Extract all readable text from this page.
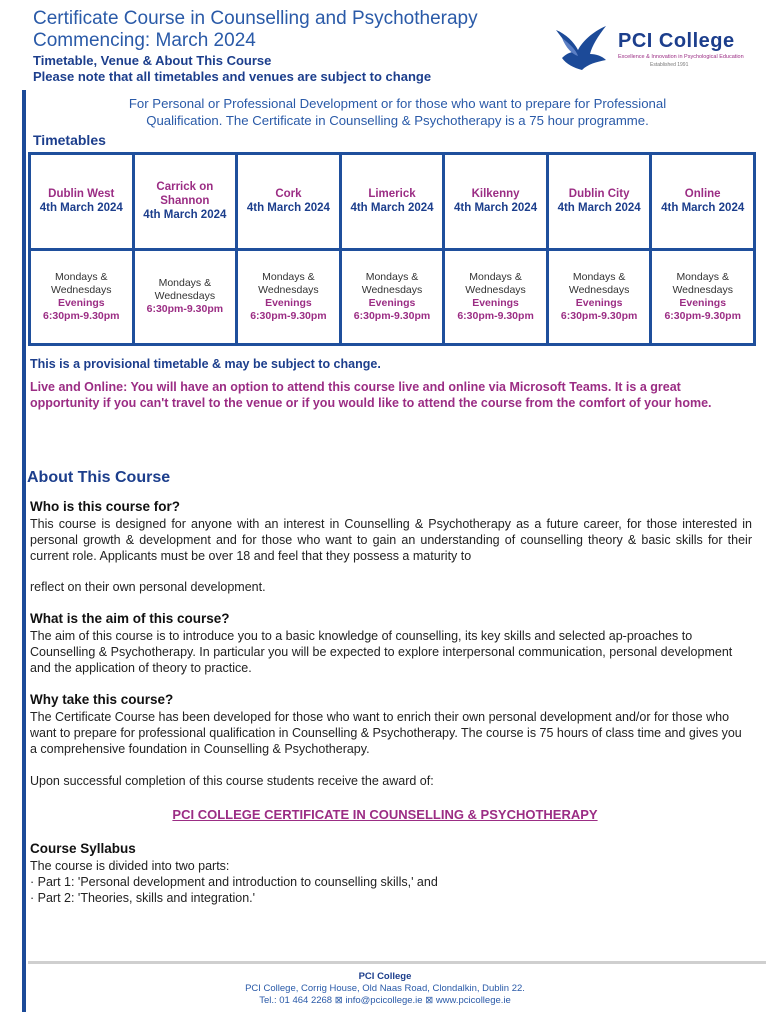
Certificate Course in Counselling and Psychotherapy
Commencing: March 2024
Timetable, Venue & About This Course
Please note that all timetables and venues are subject to change
PCI College
Excellence & Innovation in Psychological Education
Established 1991
For Personal or Professional Development or for those who want to prepare for Professional
Qualification. The Certificate in Counselling & Psychotherapy is a 75 hour programme.
Timetables
Dublin West
4th March 2024
Carrick on Shannon
4th March 2024
Cork
4th March 2024
Limerick
4th March 2024
Kilkenny
4th March 2024
Dublin City
4th March 2024
Online
4th March 2024
Mondays & Wednesdays
Evenings
6:30pm-9.30pm
Mondays & Wednesdays
6:30pm-9.30pm
Mondays & Wednesdays
Evenings
6:30pm-9.30pm
Mondays & Wednesdays
Evenings
6:30pm-9.30pm
Mondays & Wednesdays
Evenings
6:30pm-9.30pm
Mondays & Wednesdays
Evenings
6:30pm-9.30pm
Mondays & Wednesdays
Evenings
6:30pm-9.30pm
This is a provisional timetable & may be subject to change.
Live and Online: You will have an option to attend this course live and online via Microsoft Teams. It is a great
opportunity if you can't travel to the venue or if you would like to attend the course from the comfort of your home.
About This Course
Who is this course for?
This course is designed for anyone with an interest in Counselling & Psychotherapy as a future career, for those interested in personal growth & development and for those who want to gain an understanding of counselling theory & basic skills for their current role. Applicants must be over 18 and feel that they possess a maturity to
reflect on their own personal development.
What is the aim of this course?
The aim of this course is to introduce you to a basic knowledge of counselling, its key skills and selected ap-proaches to Counselling & Psychotherapy. In particular you will be expected to explore interpersonal communication, personal development and the application of theory to practice.
Why take this course?
The Certificate Course has been developed for those who want to enrich their own personal development and/or for those who want to prepare for professional qualification in Counselling & Psychotherapy. The course is 75 hours of class time and gives you a comprehensive foundation in Counselling & Psychotherapy.
Upon successful completion of this course students receive the award of:
PCI COLLEGE CERTIFICATE IN COUNSELLING & PSYCHOTHERAPY
Course Syllabus
The course is divided into two parts:
· Part 1: 'Personal development and introduction to counselling skills,' and
· Part 2: 'Theories, skills and integration.'
PCI College
PCI College, Corrig House, Old Naas Road, Clondalkin, Dublin 22.
Tel.: 01 464 2268 ⊠ info@pcicollege.ie ⊠ www.pcicollege.ie
